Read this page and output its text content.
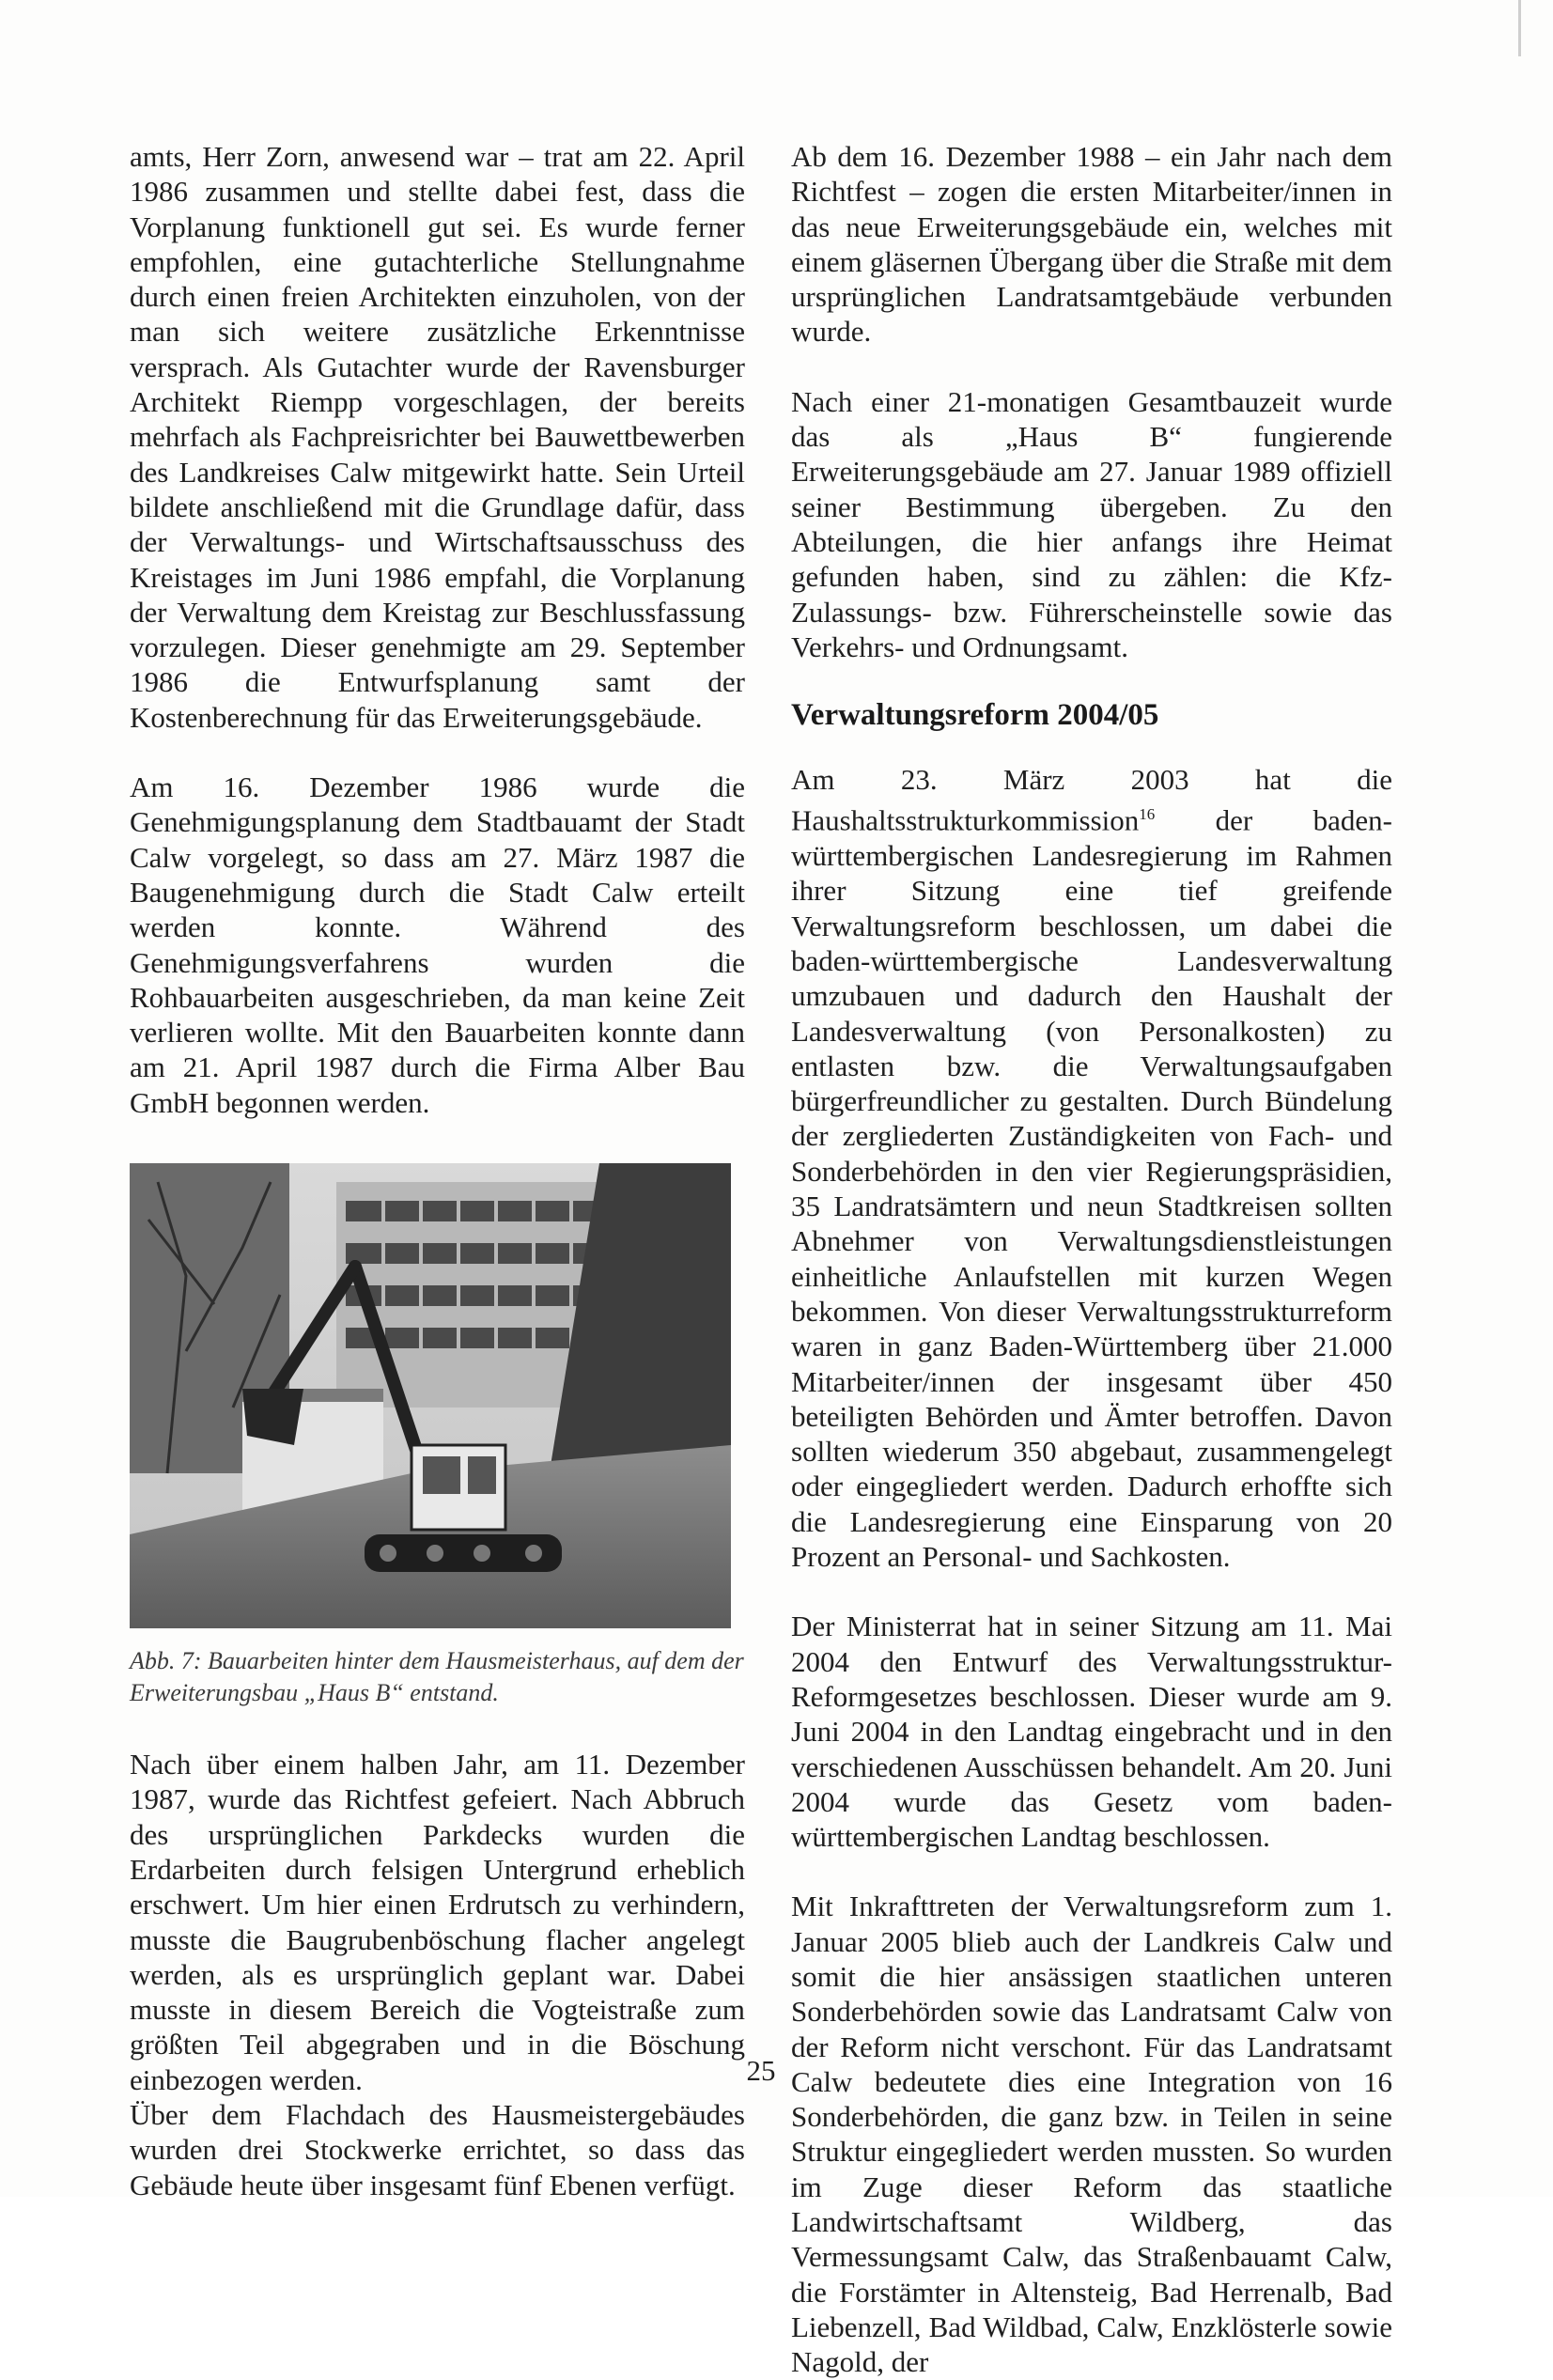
amts, Herr Zorn, anwesend war – trat am 22. April 1986 zusammen und stellte dabei fest, dass die Vorplanung funktionell gut sei. Es wurde ferner empfohlen, eine gutachterliche Stellungnahme durch einen freien Architekten einzuholen, von der man sich weitere zusätzliche Erkenntnisse versprach. Als Gutachter wurde der Ravensburger Architekt Riempp vorgeschlagen, der bereits mehrfach als Fachpreisrichter bei Bauwettbewerben des Landkreises Calw mitgewirkt hatte. Sein Urteil bildete anschließend mit die Grundlage dafür, dass der Verwaltungs- und Wirtschaftsausschuss des Kreistages im Juni 1986 empfahl, die Vorplanung der Verwaltung dem Kreistag zur Beschlussfassung vorzulegen. Dieser genehmigte am 29. September 1986 die Entwurfsplanung samt der Kostenberechnung für das Erweiterungsgebäude.

Am 16. Dezember 1986 wurde die Genehmigungsplanung dem Stadtbauamt der Stadt Calw vorgelegt, so dass am 27. März 1987 die Baugenehmigung durch die Stadt Calw erteilt werden konnte. Während des Genehmigungsverfahrens wurden die Rohbauarbeiten ausgeschrieben, da man keine Zeit verlieren wollte. Mit den Bauarbeiten konnte dann am 21. April 1987 durch die Firma Alber Bau GmbH begonnen werden.

Abb. 7: Bauarbeiten hinter dem Hausmeisterhaus, auf dem der Erweiterungsbau „Haus B“ entstand.

Nach über einem halben Jahr, am 11. Dezember 1987, wurde das Richtfest gefeiert. Nach Abbruch des ursprünglichen Parkdecks wurden die Erdarbeiten durch felsigen Untergrund erheblich erschwert. Um hier einen Erdrutsch zu verhindern, musste die Baugrubenböschung flacher angelegt werden, als es ursprünglich geplant war. Dabei musste in diesem Bereich die Vogteistraße zum größten Teil abgegraben und in die Böschung einbezogen werden.

Über dem Flachdach des Hausmeistergebäudes wurden drei Stockwerke errichtet, so dass das Gebäude heute über insgesamt fünf Ebenen verfügt.

Ab dem 16. Dezember 1988 – ein Jahr nach dem Richtfest – zogen die ersten Mitarbeiter/innen in das neue Erweiterungsgebäude ein, welches mit einem gläsernen Übergang über die Straße mit dem ursprünglichen Landratsamtgebäude verbunden wurde.

Nach einer 21-monatigen Gesamtbauzeit wurde das als „Haus B“ fungierende Erweiterungsgebäude am 27. Januar 1989 offiziell seiner Bestimmung übergeben. Zu den Abteilungen, die hier anfangs ihre Heimat gefunden haben, sind zu zählen: die Kfz-Zulassungs- bzw. Führerscheinstelle sowie das Verkehrs- und Ordnungsamt.

Verwaltungsreform 2004/05

Am 23. März 2003 hat die Haushaltsstrukturkommission$^{16}$ der baden-württembergischen Landesregierung im Rahmen ihrer Sitzung eine tief greifende Verwaltungsreform beschlossen, um dabei die baden-württembergische Landesverwaltung umzubauen und dadurch den Haushalt der Landesverwaltung (von Personalkosten) zu entlasten bzw. die Verwaltungsaufgaben bürgerfreundlicher zu gestalten. Durch Bündelung der zergliederten Zuständigkeiten von Fach- und Sonderbehörden in den vier Regierungspräsidien, 35 Landratsämtern und neun Stadtkreisen sollten Abnehmer von Verwaltungsdienstleistungen einheitliche Anlaufstellen mit kurzen Wegen bekommen. Von dieser Verwaltungsstrukturreform waren in ganz Baden-Württemberg über 21.000 Mitarbeiter/innen der insgesamt über 450 beteiligten Behörden und Ämter betroffen. Davon sollten wiederum 350 abgebaut, zusammengelegt oder eingegliedert werden. Dadurch erhoffte sich die Landesregierung eine Einsparung von 20 Prozent an Personal- und Sachkosten.

Der Ministerrat hat in seiner Sitzung am 11. Mai 2004 den Entwurf des Verwaltungsstruktur-Reformgesetzes beschlossen. Dieser wurde am 9. Juni 2004 in den Landtag eingebracht und in den verschiedenen Ausschüssen behandelt. Am 20. Juni 2004 wurde das Gesetz vom baden-württembergischen Landtag beschlossen.

Mit Inkrafttreten der Verwaltungsreform zum 1. Januar 2005 blieb auch der Landkreis Calw und somit die hier ansässigen staatlichen unteren Sonderbehörden sowie das Landratsamt Calw von der Reform nicht verschont. Für das Landratsamt Calw bedeutete dies eine Integration von 16 Sonderbehörden, die ganz bzw. in Teilen in seine Struktur eingegliedert werden mussten. So wurden im Zuge dieser Reform das staatliche Landwirtschaftsamt Wildberg, das Vermessungsamt Calw, das Straßenbauamt Calw, die Forstämter in Altensteig, Bad Herrenalb, Bad Liebenzell, Bad Wildbad, Calw, Enzklösterle sowie Nagold, der

25
